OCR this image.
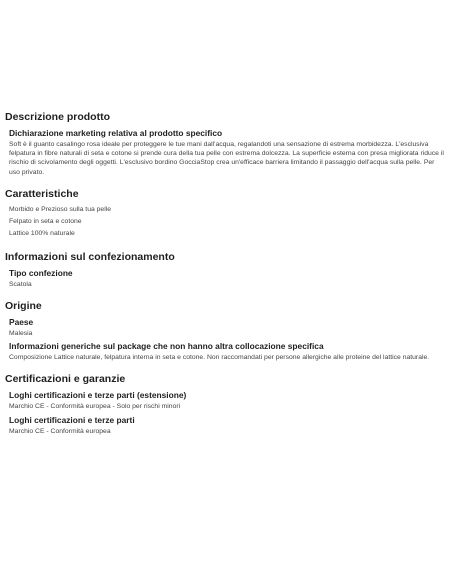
Descrizione prodotto
Dichiarazione marketing relativa al prodotto specifico

Soft è il guanto casalingo rosa ideale per proteggere le tue mani dall'acqua, regalandoti una sensazione di estrema morbidezza. L'esclusiva felpatura in fibre naturali di seta e cotone si prende cura della tua pelle con estrema dolcezza. La superficie esterna con presa migliorata riduce il rischio di scivolamento degli oggetti. L'esclusivo bordino GocciaStop crea un'efficace barriera limitando il passaggio dell'acqua sulla pelle. Per uso privato.

Caratteristiche
Morbido e Prezioso sulla tua pelle
Felpato in seta e cotone
Lattice 100% naturale
Informazioni sul confezionamento
Tipo confezione

Scatola

Origine
Paese

Malesia

Informazioni generiche sul package che non hanno altra collocazione specifica

Composizione Lattice naturale, felpatura interna in seta e cotone. Non raccomandati per persone allergiche alle proteine del lattice naturale.

Certificazioni e garanzie
Loghi certificazioni e terze parti (estensione)

Marchio CE - Conformità europea - Solo per rischi minori

Loghi certificazioni e terze parti

Marchio CE - Conformità europea
